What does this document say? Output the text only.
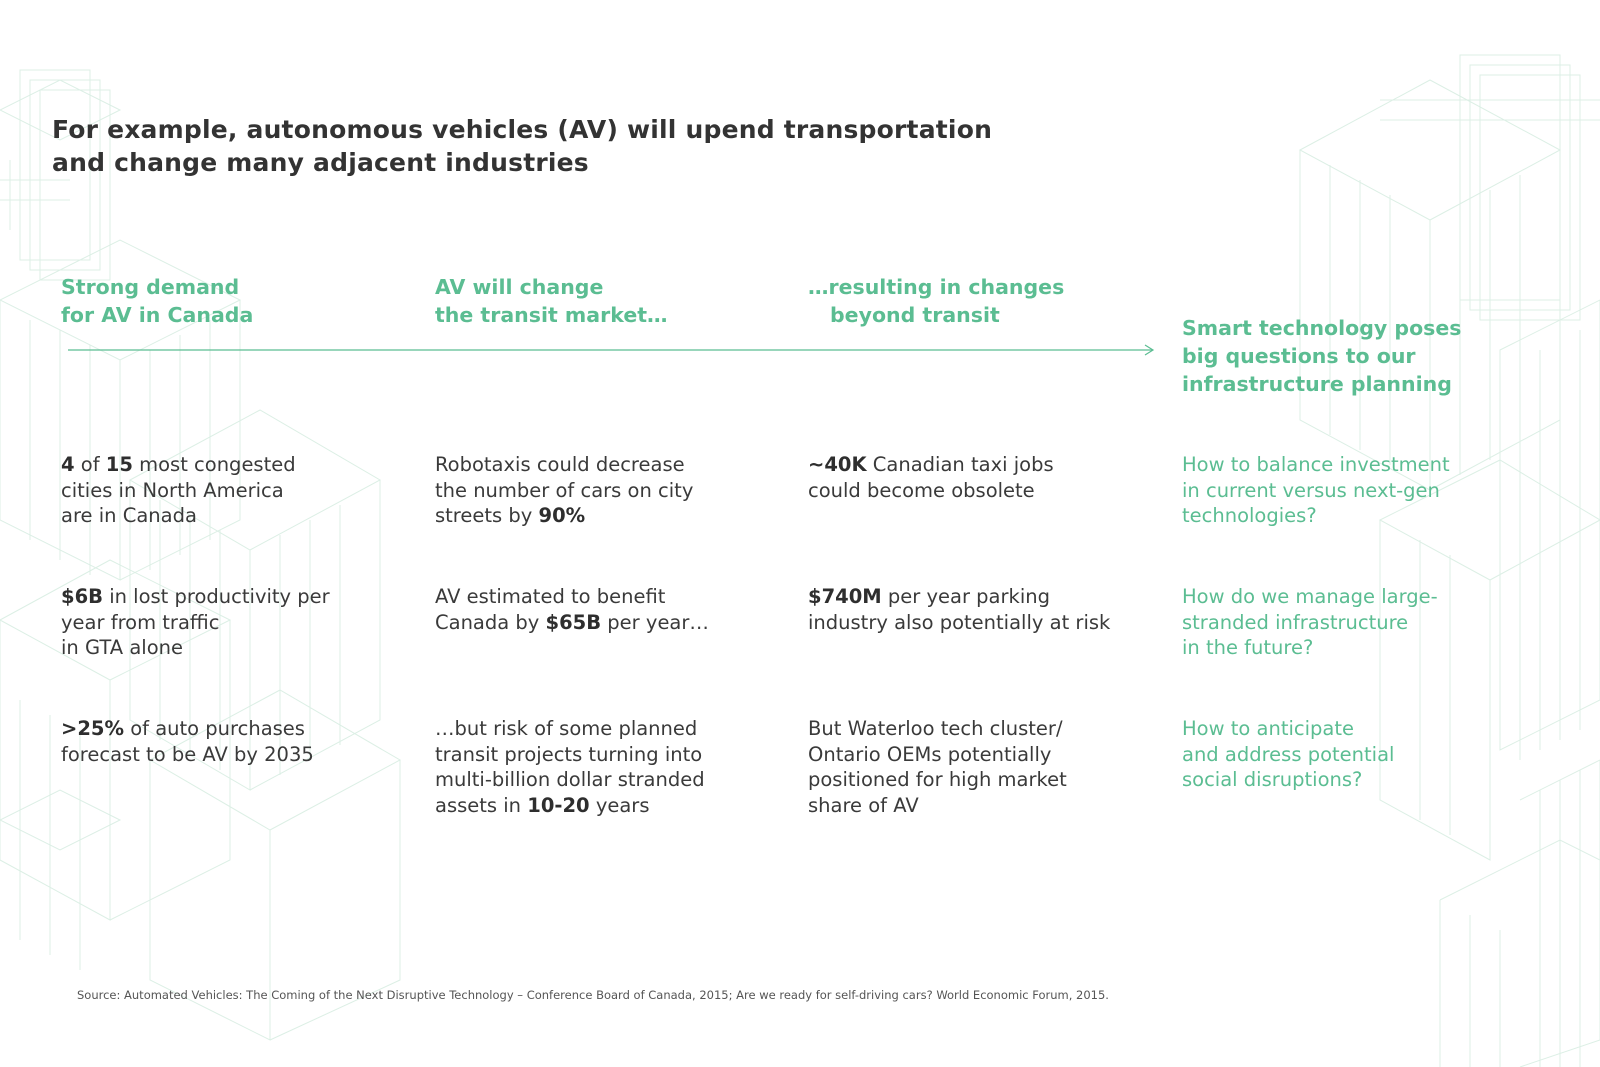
For example, autonomous vehicles (AV) will upend transportation
and change many adjacent industries
Strong demand
for AV in Canada
AV will change
the transit market…
…resulting in changes
beyond transit
Smart technology poses
big questions to our
infrastructure planning

4 of 15 most congested
cities in North America
are in Canada

$6B in lost productivity per
year from traffic
in GTA alone

>25% of auto purchases
forecast to be AV by 2035

Robotaxis could decrease
the number of cars on city
streets by 90%

AV estimated to benefit
Canada by $65B per year…

…but risk of some planned
transit projects turning into
multi-billion dollar stranded
assets in 10-20 years

~40K Canadian taxi jobs
could become obsolete

$740M per year parking
industry also potentially at risk

But Waterloo tech cluster/
Ontario OEMs potentially
positioned for high market
share of AV

How to balance investment
in current versus next-gen
technologies?

How do we manage large-
stranded infrastructure
in the future?

How to anticipate
and address potential
social disruptions?

Source: Automated Vehicles: The Coming of the Next Disruptive Technology – Conference Board of Canada, 2015; Are we ready for self-driving cars? World Economic Forum, 2015.
